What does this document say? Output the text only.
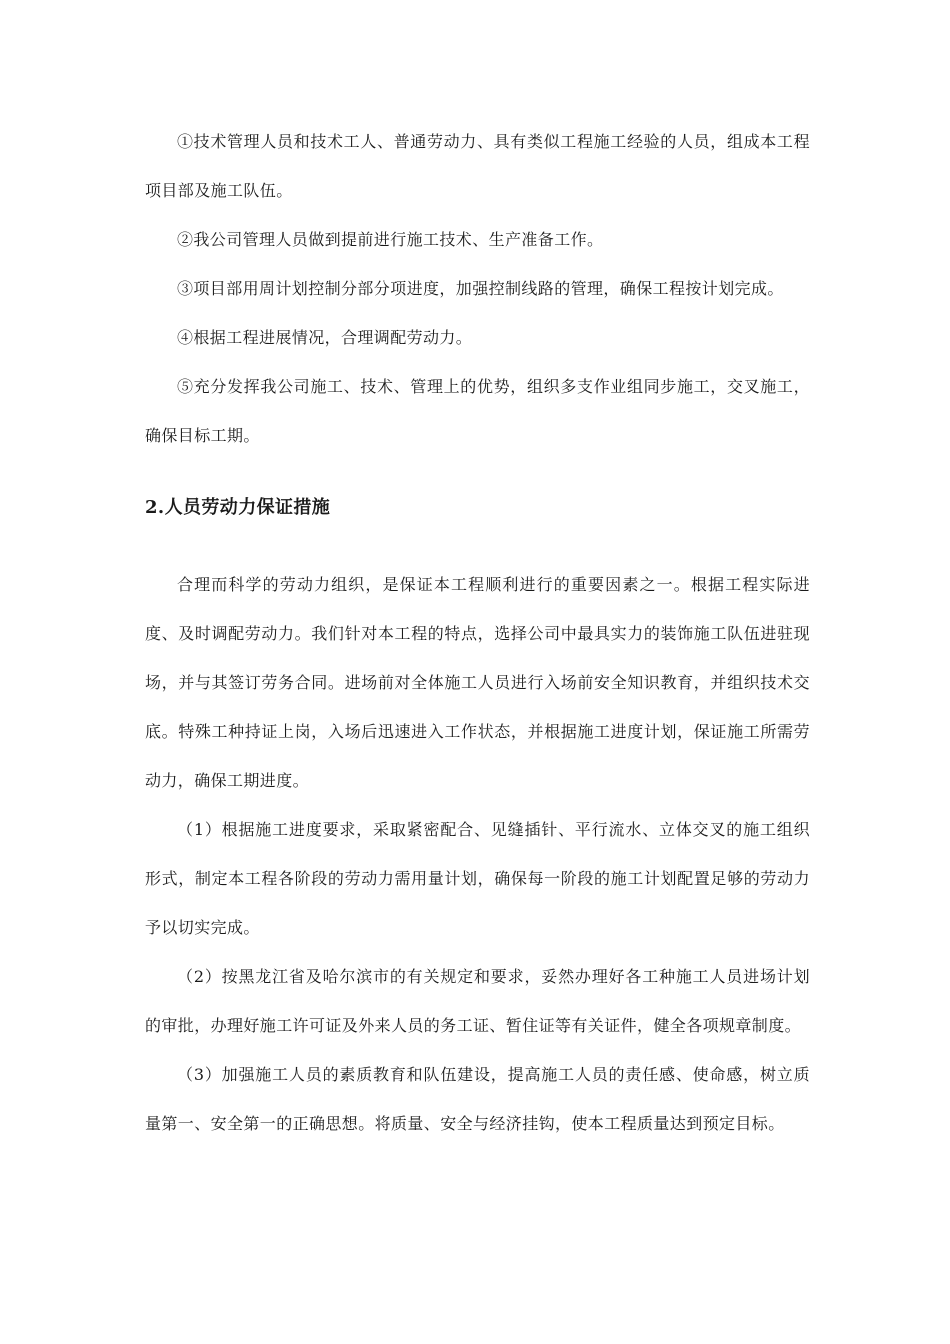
①技术管理人员和技术工人、普通劳动力、具有类似工程施工经验的人员，组成本工程项目部及施工队伍。

②我公司管理人员做到提前进行施工技术、生产准备工作。

③项目部用周计划控制分部分项进度，加强控制线路的管理，确保工程按计划完成。

④根据工程进展情况，合理调配劳动力。

⑤充分发挥我公司施工、技术、管理上的优势，组织多支作业组同步施工，交叉施工，确保目标工期。

2.人员劳动力保证措施

合理而科学的劳动力组织，是保证本工程顺利进行的重要因素之一。根据工程实际进度、及时调配劳动力。我们针对本工程的特点，选择公司中最具实力的装饰施工队伍进驻现场，并与其签订劳务合同。进场前对全体施工人员进行入场前安全知识教育，并组织技术交底。特殊工种持证上岗，入场后迅速进入工作状态，并根据施工进度计划，保证施工所需劳动力，确保工期进度。

（1）根据施工进度要求，采取紧密配合、见缝插针、平行流水、立体交叉的施工组织形式，制定本工程各阶段的劳动力需用量计划，确保每一阶段的施工计划配置足够的劳动力予以切实完成。

（2）按黑龙江省及哈尔滨市的有关规定和要求，妥然办理好各工种施工人员进场计划的审批，办理好施工许可证及外来人员的务工证、暂住证等有关证件，健全各项规章制度。

（3）加强施工人员的素质教育和队伍建设，提高施工人员的责任感、使命感，树立质量第一、安全第一的正确思想。将质量、安全与经济挂钩，使本工程质量达到预定目标。
